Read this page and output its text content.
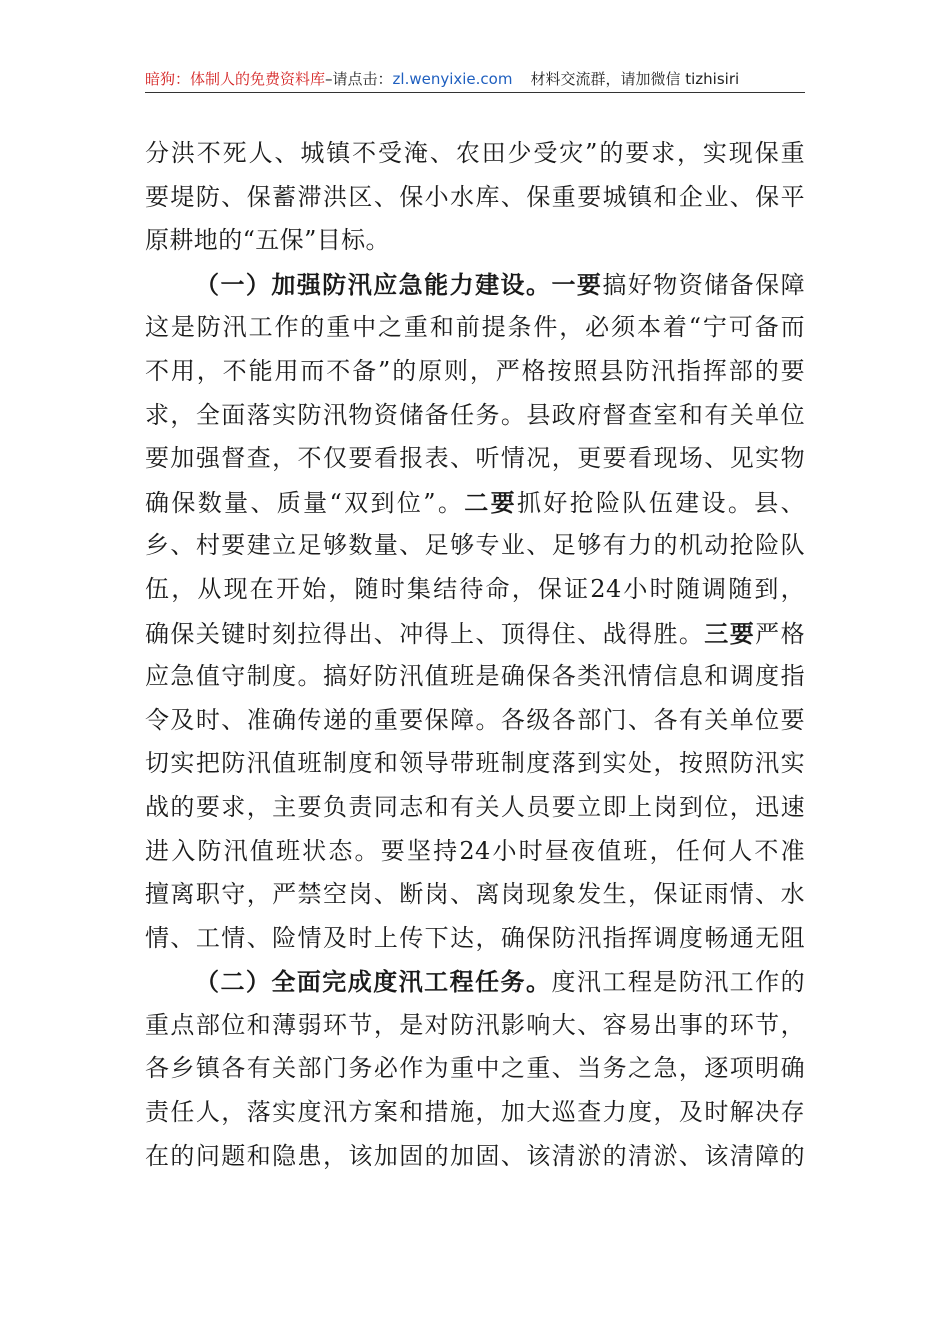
暗狗：体制人的免费资料库–请点击：zl.wenyixie.com 材料交流群，请加微信 tizhisiri
分洪不死人、城镇不受淹、农田少受灾”的要求，实现保重
要堤防、保蓄滞洪区、保小水库、保重要城镇和企业、保平
原耕地的“五保”目标。
（一）加强防汛应急能力建设。一要搞好物资储备保障
这是防汛工作的重中之重和前提条件，必须本着“宁可备而
不用，不能用而不备”的原则，严格按照县防汛指挥部的要
求，全面落实防汛物资储备任务。县政府督查室和有关单位
要加强督查，不仅要看报表、听情况，更要看现场、见实物
确保数量、质量“双到位”。二要抓好抢险队伍建设。县、
乡、村要建立足够数量、足够专业、足够有力的机动抢险队
伍，从现在开始，随时集结待命，保证24小时随调随到，
确保关键时刻拉得出、冲得上、顶得住、战得胜。三要严格
应急值守制度。搞好防汛值班是确保各类汛情信息和调度指
令及时、准确传递的重要保障。各级各部门、各有关单位要
切实把防汛值班制度和领导带班制度落到实处，按照防汛实
战的要求，主要负责同志和有关人员要立即上岗到位，迅速
进入防汛值班状态。要坚持24小时昼夜值班，任何人不准
擅离职守，严禁空岗、断岗、离岗现象发生，保证雨情、水
情、工情、险情及时上传下达，确保防汛指挥调度畅通无阻
（二）全面完成度汛工程任务。度汛工程是防汛工作的
重点部位和薄弱环节，是对防汛影响大、容易出事的环节，
各乡镇各有关部门务必作为重中之重、当务之急，逐项明确
责任人，落实度汛方案和措施，加大巡查力度，及时解决存
在的问题和隐患，该加固的加固、该清淤的清淤、该清障的
